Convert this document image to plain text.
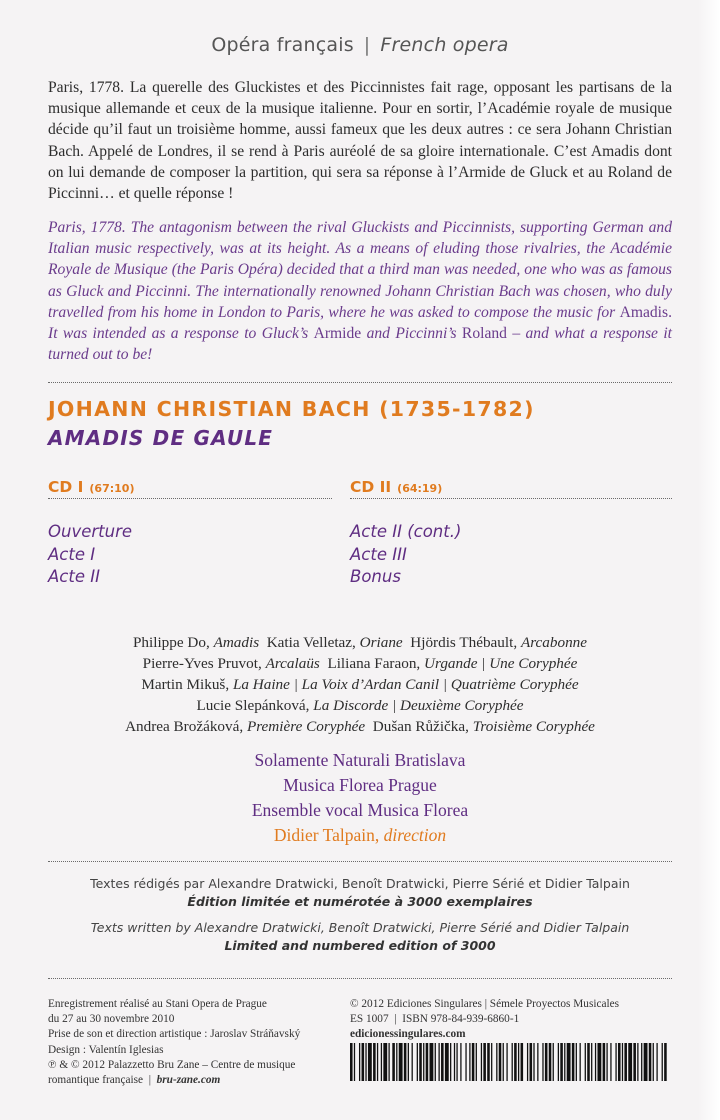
Opéra français | French opera
Paris, 1778. La querelle des Gluckistes et des Piccinnistes fait rage, opposant les partisans de la musique allemande et ceux de la musique italienne. Pour en sortir, l’Académie royale de musique décide qu’il faut un troisième homme, aussi fameux que les deux autres : ce sera Johann Christian Bach. Appelé de Londres, il se rend à Paris auréolé de sa gloire internationale. C’est Amadis dont on lui demande de composer la partition, qui sera sa réponse à l’Armide de Gluck et au Roland de Piccinni… et quelle réponse !
Paris, 1778. The antagonism between the rival Gluckists and Piccinnists, supporting German and Italian music respectively, was at its height. As a means of eluding those rivalries, the Académie Royale de Musique (the Paris Opéra) decided that a third man was needed, one who was as famous as Gluck and Piccinni. The internationally renowned Johann Christian Bach was chosen, who duly travelled from his home in London to Paris, where he was asked to compose the music for Amadis. It was intended as a response to Gluck’s Armide and Piccinni’s Roland – and what a response it turned out to be!
JOHANN CHRISTIAN BACH (1735-1782)
AMADIS DE GAULE
CD I (67:10)	CD II (64:19)
Ouverture
Acte I
Acte II
Acte II (cont.)
Acte III
Bonus
Philippe Do, Amadis Katia Velletaz, Oriane Hjördis Thébault, Arcabonne
Pierre-Yves Pruvot, Arcalaüs Liliana Faraon, Urgande | Une Coryphée
Martin Mikuš, La Haine | La Voix d’Ardan Canil | Quatrième Coryphée
Lucie Slepánková, La Discorde | Deuxième Coryphée
Andrea Brožáková, Première Coryphée Dušan Růžička, Troisième Coryphée
Solamente Naturali Bratislava
Musica Florea Prague
Ensemble vocal Musica Florea
Didier Talpain, direction
Textes rédigés par Alexandre Dratwicki, Benoît Dratwicki, Pierre Sérié et Didier Talpain
Édition limitée et numérotée à 3000 exemplaires
Texts written by Alexandre Dratwicki, Benoît Dratwicki, Pierre Sérié and Didier Talpain
Limited and numbered edition of 3000
Enregistrement réalisé au Stani Opera de Prague
du 27 au 30 novembre 2010
Prise de son et direction artistique : Jaroslav Stráňavský
Design : Valentín Iglesias
℗ & © 2012 Palazzetto Bru Zane – Centre de musique
romantique française | bru-zane.com
© 2012 Ediciones Singulares | Sémele Proyectos Musicales
ES 1007 | ISBN 978-84-939-6860-1
edicionessingulares.com
